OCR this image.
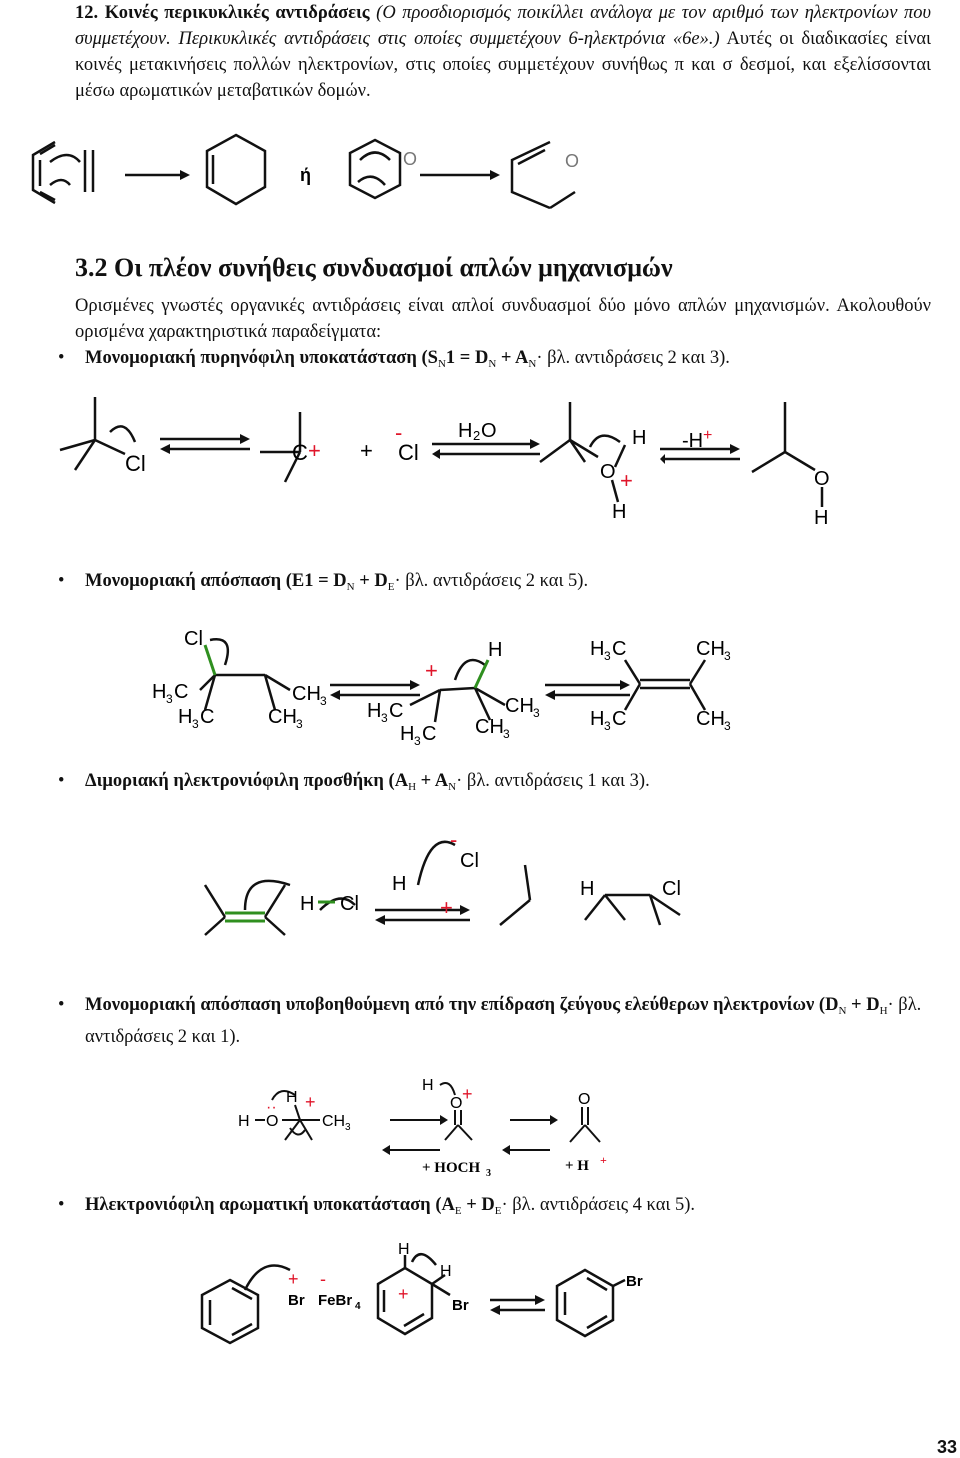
12. Κοινές περικυκλικές αντιδράσεις (Ο προσδιορισμός ποικίλλει ανάλογα με τον αριθμό των ηλεκτρονίων που συμμετέχουν. Περικυκλικές αντιδράσεις στις οποίες συμμετέχουν 6-ηλεκτρόνια «6e».) Αυτές οι διαδικασίες είναι κοινές μετακινήσεις πολλών ηλεκτρονίων, στις οποίες συμμετέχουν συνήθως π και σ δεσμοί, και εξελίσσονται μέσω αρωματικών μεταβατικών δομών.
ή
O	O
3.2 Οι πλέον συνήθεις συνδυασμοί απλών μηχανισμών
Ορισμένες γνωστές οργανικές αντιδράσεις είναι απλοί συνδυασμοί δύο μόνο απλών μηχανισμών. Ακολουθούν ορισμένα χαρακτηριστικά παραδείγματα:
• Μονομοριακή πυρηνόφιλη υποκατάσταση ($S_N1 = D_N + A_N\cdot \beta\lambda$. αντιδράσεις 2 και 3).
Cl	C + +
-
Cl
H 2 O	H
O +
H
-H +
O
H
• Μονομοριακή απόσπαση ($E1 = D_N + D_E\cdot \beta\lambda$. αντιδράσεις 2 και 5).
Cl
H 3 C
H 3 C
CH 3
CH 3
+
H
H 3 C
H 3 C
CH 3
CH 3
H 3 C	CH 3
H 3 C	CH 3
• Διμοριακή ηλεκτρονιόφιλη προσθήκη ($A_H + A_N\cdot \beta\lambda$. αντιδράσεις 1 και 3).
H Cl
H
+
-
Cl
H	Cl
• Μονομοριακή απόσπαση υποβοηθούμενη από την επίδραση ζεύγους ελεύθερων ηλεκτρονίων ($D_N + D_H\cdot \beta\lambda$. αντιδράσεις 2 και 1).
H O
··
H +
CH 3
H
O +	O
+ HOCH 3	+ H +
• Ηλεκτρονιόφιλη αρωματική υποκατάσταση ($A_E + D_E\cdot \beta\lambda$. αντιδράσεις 4 και 5).
+ -
Br FeBr 4
H
H
+
Br
Br
33
